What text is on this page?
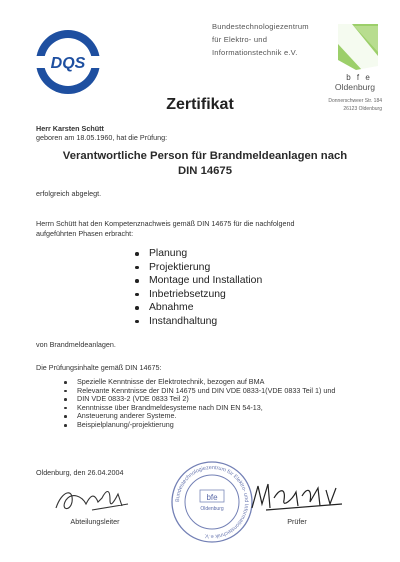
DQS
Bundestechnologiezentrum
für Elektro- und
Informationstechnik e.V.
b f e
Oldenburg
Donnerschweer Str. 184
26123 Oldenburg
Zertifikat
Herr Karsten Schütt
geboren am 18.05.1960, hat die Prüfung:
Verantwortliche Person für Brandmeldeanlagen nach
DIN 14675
erfolgreich abgelegt.
Herrn Schütt hat den Kompetenznachweis gemäß DIN 14675 für die nachfolgend
aufgeführten Phasen erbracht:
Planung
Projektierung
Montage und Installation
Inbetriebsetzung
Abnahme
Instandhaltung
von Brandmeldeanlagen.
Die Prüfungsinhalte gemäß DIN 14675:
Spezielle Kenntnisse der Elektrotechnik, bezogen auf BMA
Relevante Kenntnisse der DIN 14675 und DIN VDE 0833-1(VDE 0833 Teil 1) und
DIN VDE 0833-2 (VDE 0833 Teil 2)
Kenntnisse über Brandmeldesysteme nach DIN EN 54-13,
Ansteuerung anderer Systeme.
Beispielplanung/-projektierung
Oldenburg, den 26.04.2004
Bundestechnologiezentrum für Elektro- und Informationstechnik e.V.
bfe
Oldenburg
Abteilungsleiter	Prüfer
